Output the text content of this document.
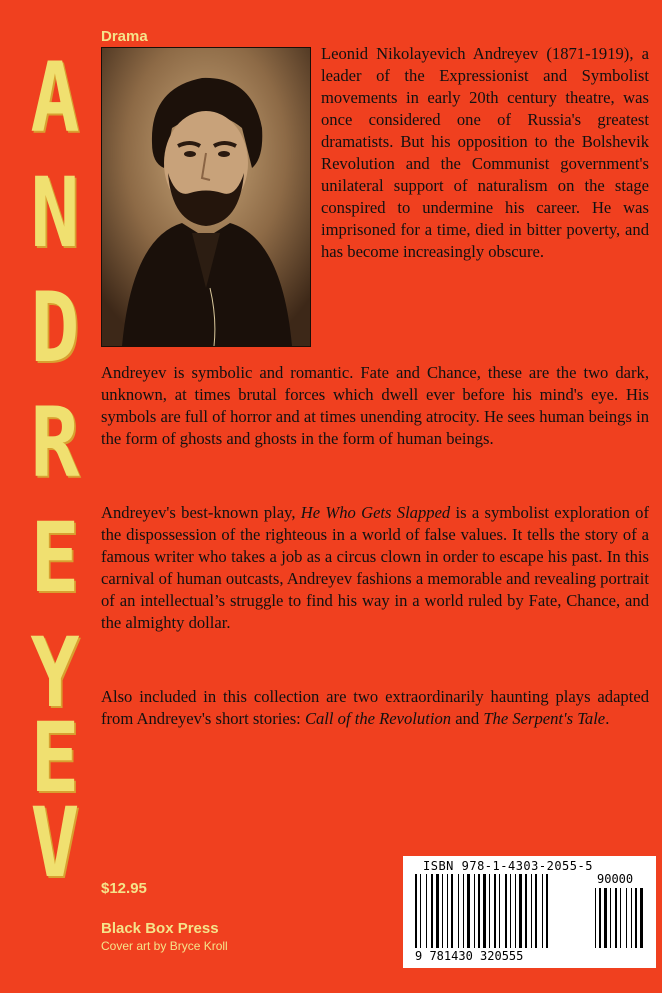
Drama
A
N
D
R
E
Y
E
V
Leonid Nikolayevich Andreyev (1871-1919), a leader of the Expressionist and Symbolist movements in early 20th century theatre, was once considered one of Russia's greatest dramatists. But his opposition to the Bolshevik Revolution and the Communist government's unilateral support of naturalism on the stage conspired to undermine his career. He was imprisoned for a time, died in bitter poverty, and has become increasingly obscure.
Andreyev is symbolic and romantic. Fate and Chance, these are the two dark, unknown, at times brutal forces which dwell ever before his mind's eye. His symbols are full of horror and at times unending atrocity. He sees human beings in the form of ghosts and ghosts in the form of human beings.
Andreyev's best-known play, He Who Gets Slapped is a symbolist exploration of the dispossession of the righteous in a world of false values. It tells the story of a famous writer who takes a job as a circus clown in order to escape his past. In this carnival of human outcasts, Andreyev fashions a memorable and revealing portrait of an intellectual’s struggle to find his way in a world ruled by Fate, Chance, and the almighty dollar.
Also included in this collection are two extraordinarily haunting plays adapted from Andreyev's short stories: Call of the Revolution and The Serpent's Tale.
$12.95
Black Box Press
Cover art by Bryce Kroll
ISBN 978-1-4303-2055-5
90000
9 781430 320555
